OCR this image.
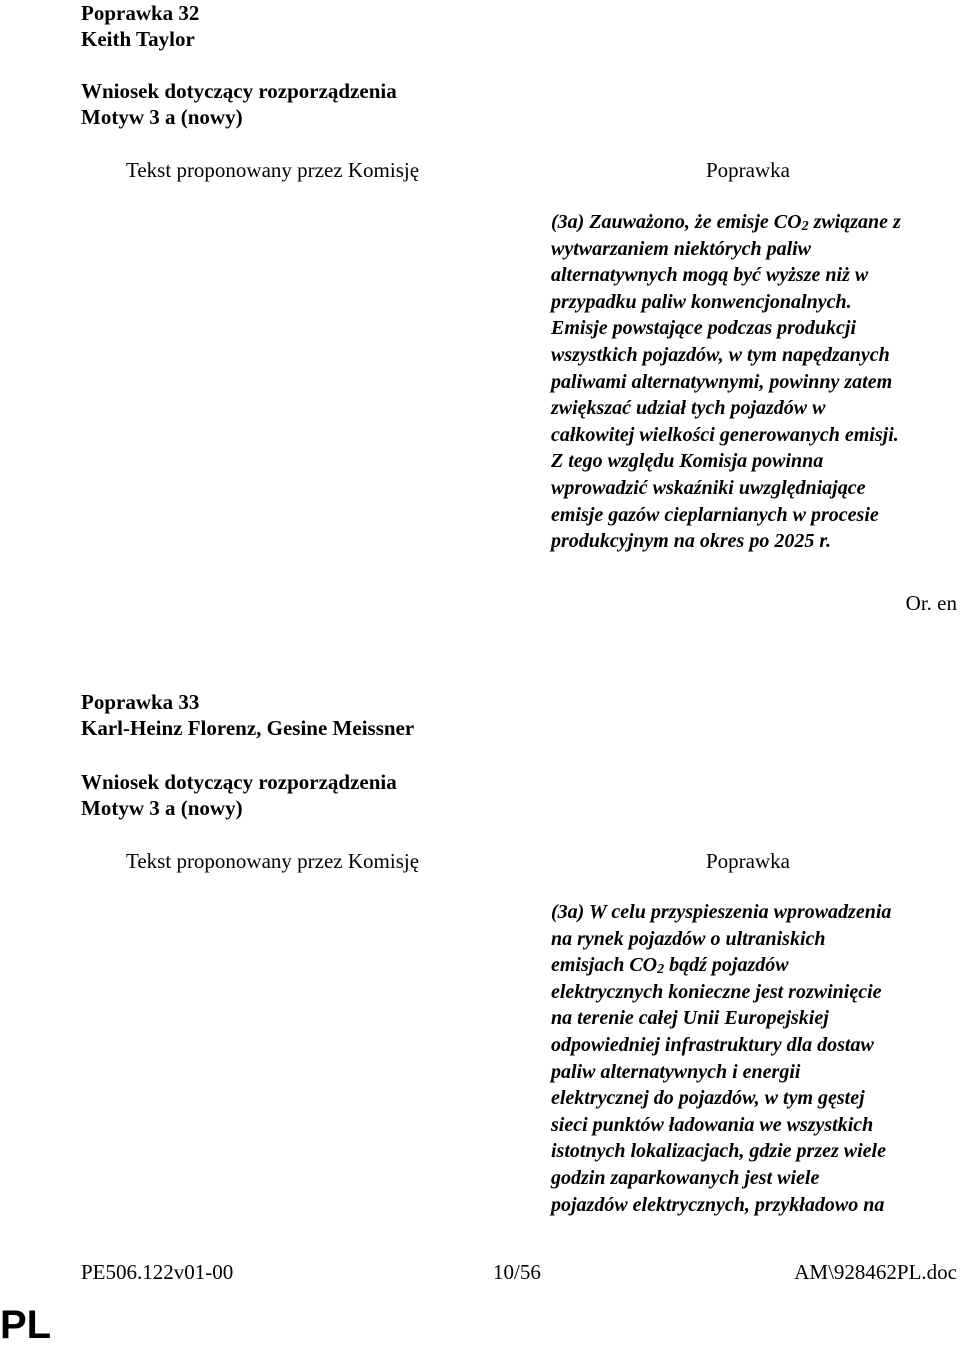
Poprawka 32
Keith Taylor
Wniosek dotyczący rozporządzenia
Motyw 3 a (nowy)
Tekst proponowany przez Komisję	Poprawka
(3a) Zauważono, że emisje $CO_2$ związane z
wytwarzaniem niektórych paliw
alternatywnych mogą być wyższe niż w
przypadku paliw konwencjonalnych.
Emisje powstające podczas produkcji
wszystkich pojazdów, w tym napędzanych
paliwami alternatywnymi, powinny zatem
zwiększać udział tych pojazdów w
całkowitej wielkości generowanych emisji.
Z tego względu Komisja powinna
wprowadzić wskaźniki uwzględniające
emisje gazów cieplarnianych w procesie
produkcyjnym na okres po 2025 r.
Or. en
Poprawka 33
Karl-Heinz Florenz, Gesine Meissner
Wniosek dotyczący rozporządzenia
Motyw 3 a (nowy)
Tekst proponowany przez Komisję	Poprawka
(3a) W celu przyspieszenia wprowadzenia
na rynek pojazdów o ultraniskich
emisjach $CO_2$ bądź pojazdów
elektrycznych konieczne jest rozwinięcie
na terenie całej Unii Europejskiej
odpowiedniej infrastruktury dla dostaw
paliw alternatywnych i energii
elektrycznej do pojazdów, w tym gęstej
sieci punktów ładowania we wszystkich
istotnych lokalizacjach, gdzie przez wiele
godzin zaparkowanych jest wiele
pojazdów elektrycznych, przykładowo na
PE506.122v01-00	10/56	AM\928462PL.doc
PL
